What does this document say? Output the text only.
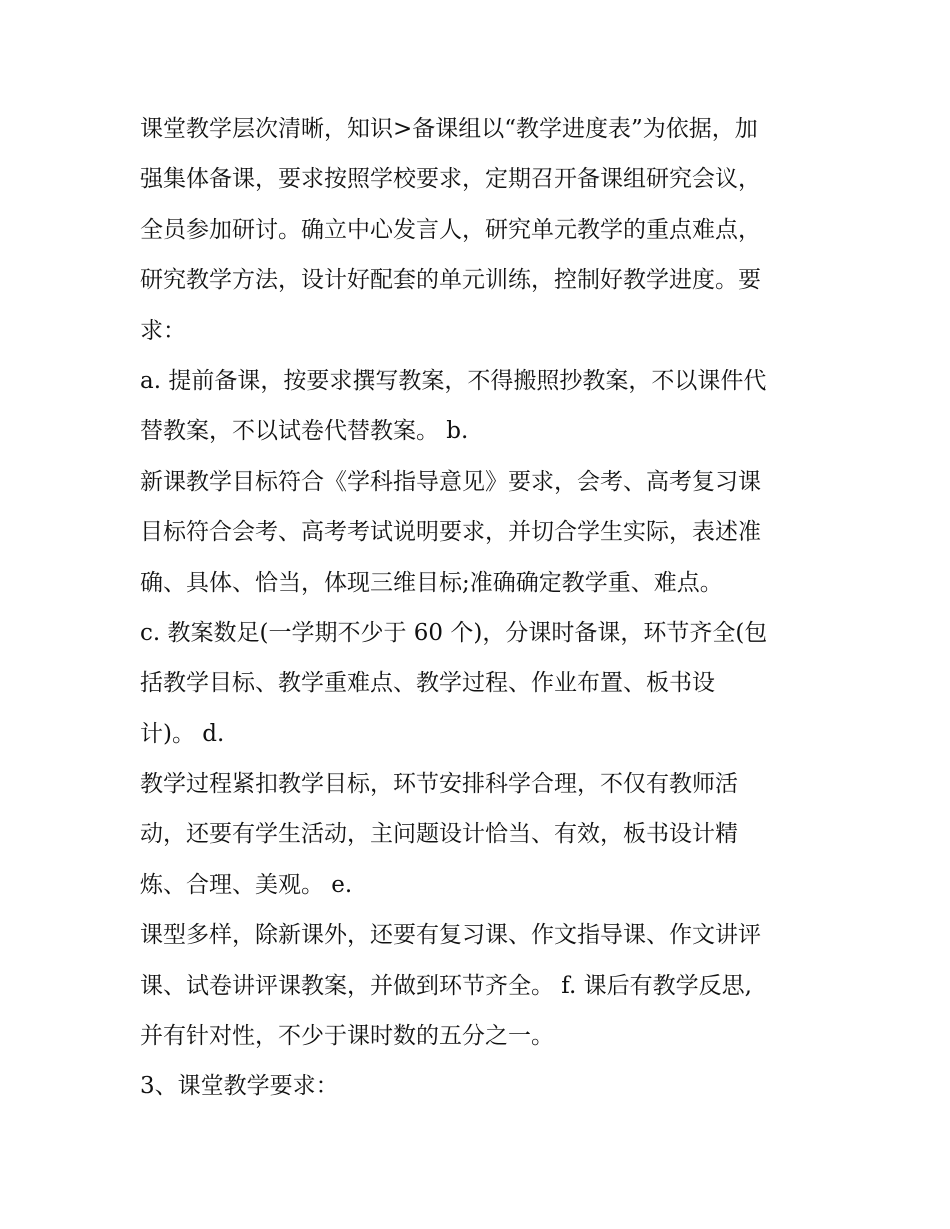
课堂教学层次清晰，知识>备课组以“教学进度表”为依据，加
强集体备课，要求按照学校要求，定期召开备课组研究会议，
全员参加研讨。确立中心发言人，研究单元教学的重点难点，
研究教学方法，设计好配套的单元训练，控制好教学进度。要
求：
a. 提前备课，按要求撰写教案，不得搬照抄教案，不以课件代
替教案，不以试卷代替教案。 b.
新课教学目标符合《学科指导意见》要求，会考、高考复习课
目标符合会考、高考考试说明要求，并切合学生实际，表述准
确、具体、恰当，体现三维目标;准确确定教学重、难点。
c. 教案数足(一学期不少于 60 个)，分课时备课，环节齐全(包
括教学目标、教学重难点、教学过程、作业布置、板书设
计)。 d.
教学过程紧扣教学目标，环节安排科学合理，不仅有教师活
动，还要有学生活动，主问题设计恰当、有效，板书设计精
炼、合理、美观。 e.
课型多样，除新课外，还要有复习课、作文指导课、作文讲评
课、试卷讲评课教案，并做到环节齐全。 f. 课后有教学反思,
并有针对性，不少于课时数的五分之一。
3、课堂教学要求：
